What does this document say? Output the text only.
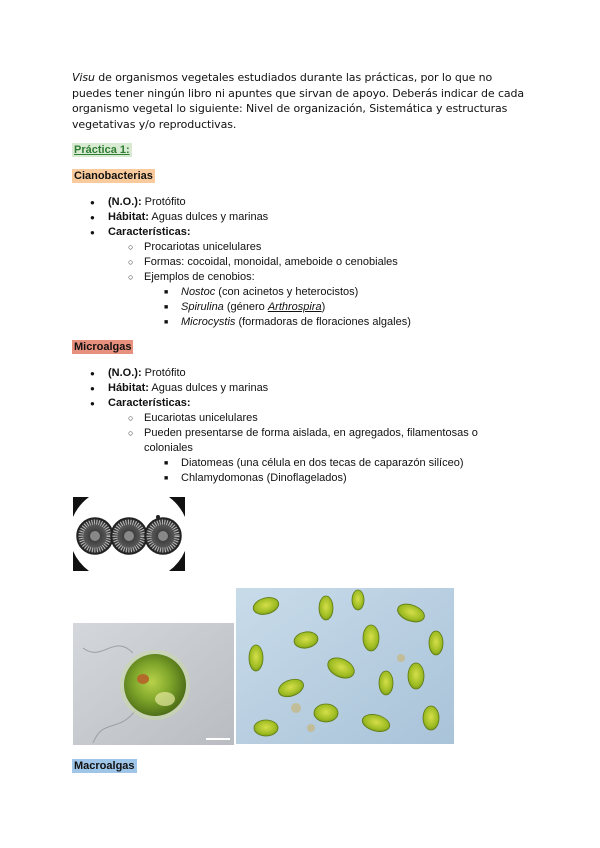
Visu de organismos vegetales estudiados durante las prácticas, por lo que no puedes tener ningún libro ni apuntes que sirvan de apoyo. Deberás indicar de cada organismo vegetal lo siguiente: Nivel de organización, Sistemática y estructuras vegetativas y/o reproductivas.
Práctica 1:
Cianobacterias
● (N.O.): Protófito
● Hábitat: Aguas dulces y marinas
● Características:
○ Procariotas unicelulares
○ Formas: cocoidal, monoidal, ameboide o cenobiales
○ Ejemplos de cenobios:
■ Nostoc (con acinetos y heterocistos)
■ Spirulina (género Arthrospira)
■ Microcystis (formadoras de floraciones algales)
Microalgas
● (N.O.): Protófito
● Hábitat: Aguas dulces y marinas
● Características:
○ Eucariotas unicelulares
○ Pueden presentarse de forma aislada, en agregados, filamentosas o coloniales
■ Diatomeas (una célula en dos tecas de caparazón silíceo)
■ Chlamydomonas (Dinoflagelados)
Macroalgas
